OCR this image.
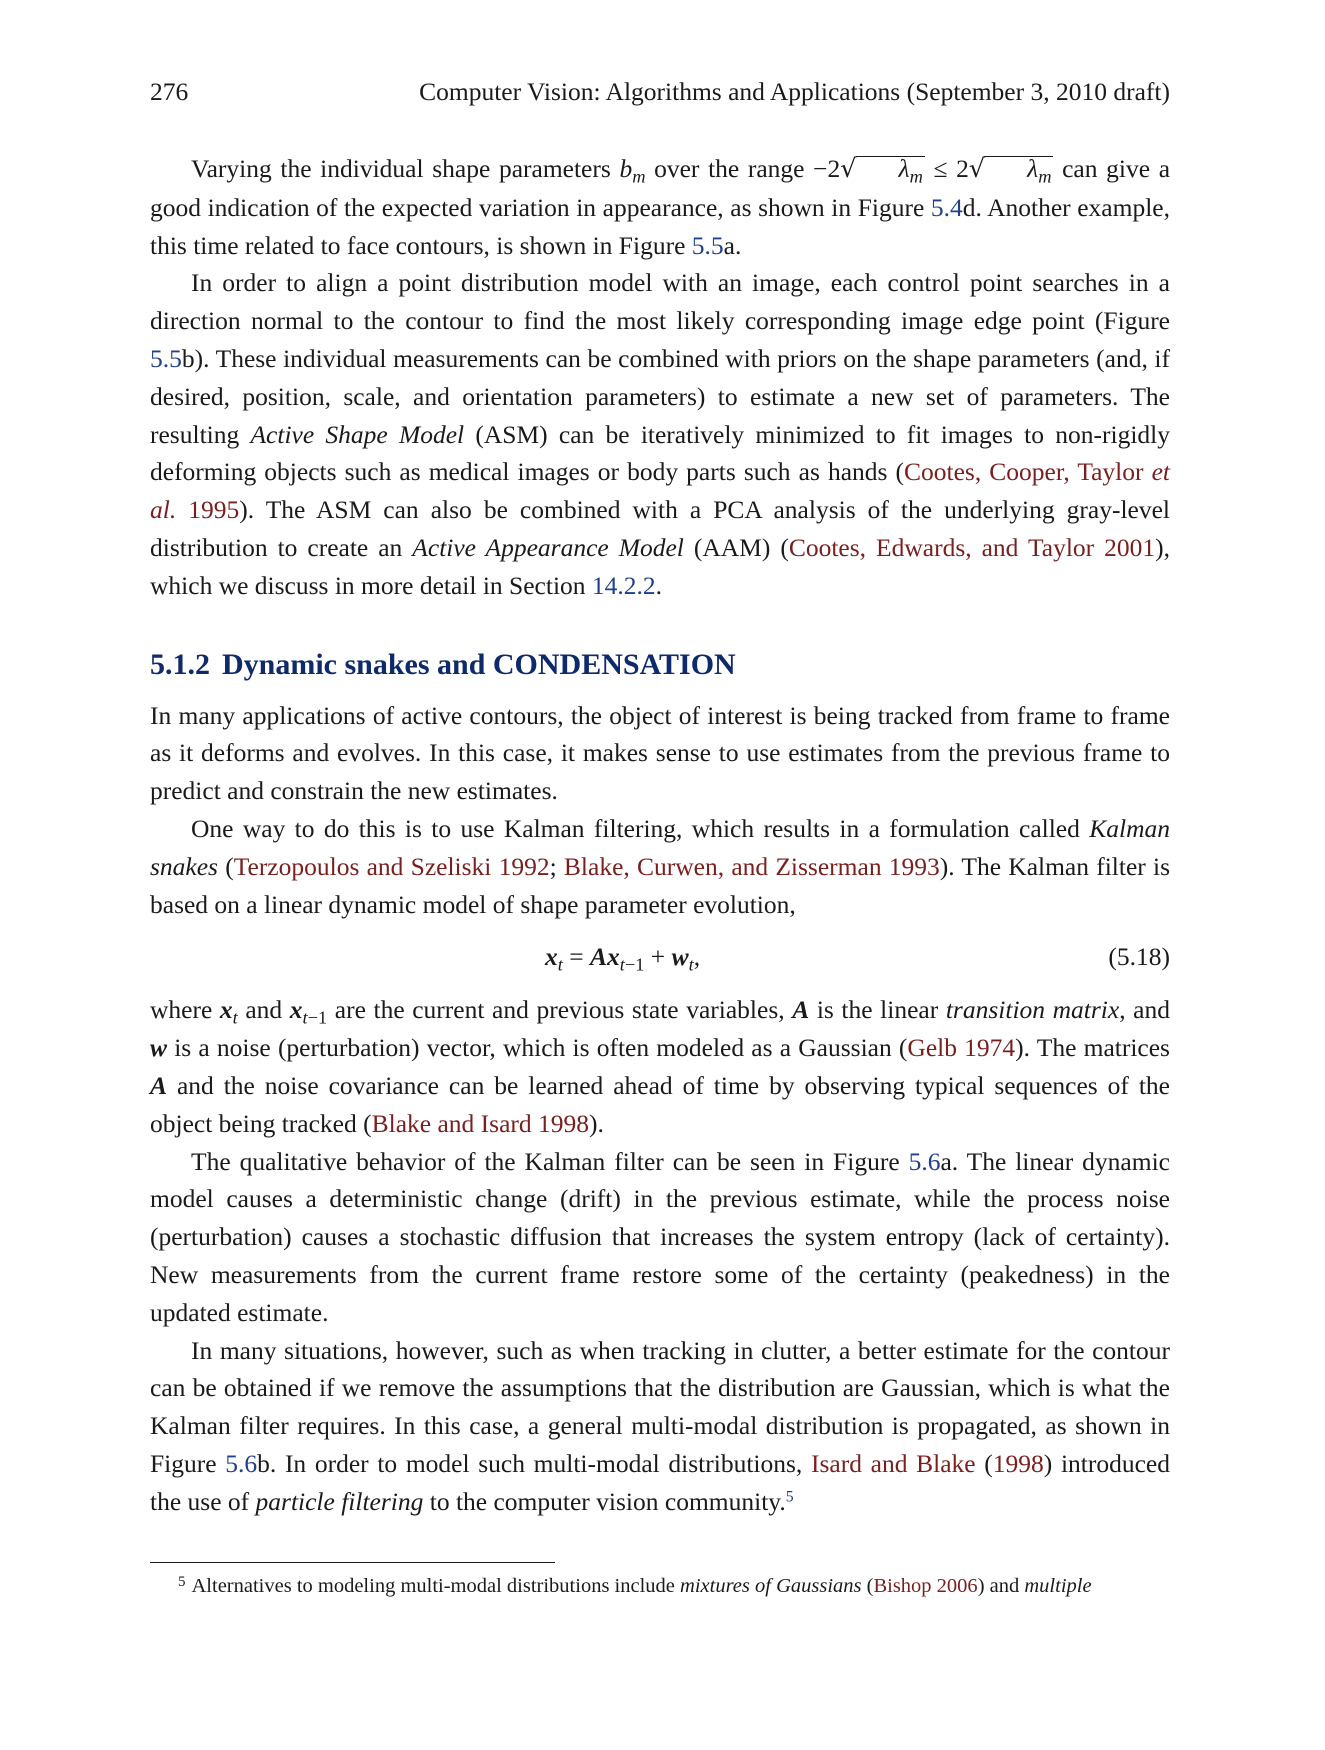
276	Computer Vision: Algorithms and Applications (September 3, 2010 draft)

Varying the individual shape parameters $b_m$ over the range −2√ $\lambda_m \le 2√$ $\lambda_m$ can give a good indication of the expected variation in appearance, as shown in Figure 5.4d. Another example, this time related to face contours, is shown in Figure 5.5a.

In order to align a point distribution model with an image, each control point searches in a direction normal to the contour to find the most likely corresponding image edge point (Figure 5.5b). These individual measurements can be combined with priors on the shape parameters (and, if desired, position, scale, and orientation parameters) to estimate a new set of parameters. The resulting Active Shape Model (ASM) can be iteratively minimized to fit images to non-rigidly deforming objects such as medical images or body parts such as hands (Cootes, Cooper, Taylor et al. 1995). The ASM can also be combined with a PCA analysis of the underlying gray-level distribution to create an Active Appearance Model (AAM) (Cootes, Edwards, and Taylor 2001), which we discuss in more detail in Section 14.2.2.

5.1.2 Dynamic snakes and CONDENSATION

In many applications of active contours, the object of interest is being tracked from frame to frame as it deforms and evolves. In this case, it makes sense to use estimates from the previous frame to predict and constrain the new estimates.

One way to do this is to use Kalman filtering, which results in a formulation called Kalman snakes (Terzopoulos and Szeliski 1992; Blake, Curwen, and Zisserman 1993). The Kalman filter is based on a linear dynamic model of shape parameter evolution,

$x_t = Ax_{t-1} + w_t$,	(5.18)

where $x_t$ and $x_{t-1}$ are the current and previous state variables, A is the linear transition matrix, and w is a noise (perturbation) vector, which is often modeled as a Gaussian (Gelb 1974). The matrices A and the noise covariance can be learned ahead of time by observing typical sequences of the object being tracked (Blake and Isard 1998).

The qualitative behavior of the Kalman filter can be seen in Figure 5.6a. The linear dynamic model causes a deterministic change (drift) in the previous estimate, while the process noise (perturbation) causes a stochastic diffusion that increases the system entropy (lack of certainty). New measurements from the current frame restore some of the certainty (peakedness) in the updated estimate.

In many situations, however, such as when tracking in clutter, a better estimate for the contour can be obtained if we remove the assumptions that the distribution are Gaussian, which is what the Kalman filter requires. In this case, a general multi-modal distribution is propagated, as shown in Figure 5.6b. In order to model such multi-modal distributions, Isard and Blake (1998) introduced the use of particle filtering to the computer vision community.$^5$

$^5$ Alternatives to modeling multi-modal distributions include mixtures of Gaussians (Bishop 2006) and multiple
